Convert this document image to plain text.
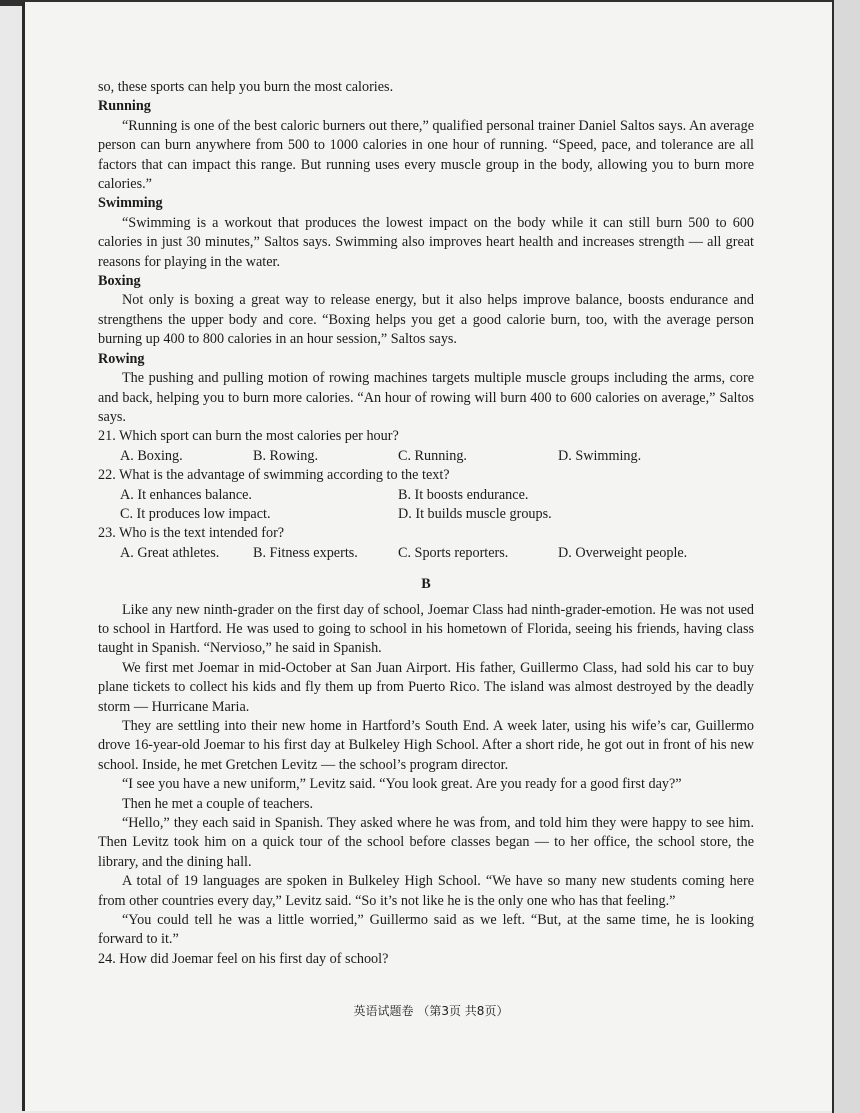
英语试题卷 （第3页 共8页）

so, these sports can help you burn the most calories.

Running

“Running is one of the best caloric burners out there,” qualified personal trainer Daniel Saltos says. An average person can burn anywhere from 500 to 1000 calories in one hour of running. “Speed, pace, and tolerance are all factors that can impact this range. But running uses every muscle group in the body, allowing you to burn more calories.”

Swimming

“Swimming is a workout that produces the lowest impact on the body while it can still burn 500 to 600 calories in just 30 minutes,” Saltos says. Swimming also improves heart health and increases strength — all great reasons for playing in the water.

Boxing

Not only is boxing a great way to release energy, but it also helps improve balance, boosts endurance and strengthens the upper body and core. “Boxing helps you get a good calorie burn, too, with the average person burning up 400 to 800 calories in an hour session,” Saltos says.

Rowing

The pushing and pulling motion of rowing machines targets multiple muscle groups including the arms, core and back, helping you to burn more calories. “An hour of rowing will burn 400 to 600 calories on average,” Saltos says.

21. Which sport can burn the most calories per hour?
A. Boxing.	B. Rowing.	C. Running.	D. Swimming.
22. What is the advantage of swimming according to the text?
A. It enhances balance.	B. It boosts endurance.
C. It produces low impact.	D. It builds muscle groups.
23. Who is the text intended for?
A. Great athletes.	B. Fitness experts.	C. Sports reporters.	D. Overweight people.
B

Like any new ninth-grader on the first day of school, Joemar Class had ninth-grader-emotion. He was not used to school in Hartford. He was used to going to school in his hometown of Florida, seeing his friends, having class taught in Spanish. “Nervioso,” he said in Spanish.

We first met Joemar in mid-October at San Juan Airport. His father, Guillermo Class, had sold his car to buy plane tickets to collect his kids and fly them up from Puerto Rico. The island was almost destroyed by the deadly storm — Hurricane Maria.

They are settling into their new home in Hartford’s South End. A week later, using his wife’s car, Guillermo drove 16-year-old Joemar to his first day at Bulkeley High School. After a short ride, he got out in front of his new school. Inside, he met Gretchen Levitz — the school’s program director.

“I see you have a new uniform,” Levitz said. “You look great. Are you ready for a good first day?”

Then he met a couple of teachers.

“Hello,” they each said in Spanish. They asked where he was from, and told him they were happy to see him. Then Levitz took him on a quick tour of the school before classes began — to her office, the school store, the library, and the dining hall.

A total of 19 languages are spoken in Bulkeley High School. “We have so many new students coming here from other countries every day,” Levitz said. “So it’s not like he is the only one who has that feeling.”

“You could tell he was a little worried,” Guillermo said as we left. “But, at the same time, he is looking forward to it.”

24. How did Joemar feel on his first day of school?
